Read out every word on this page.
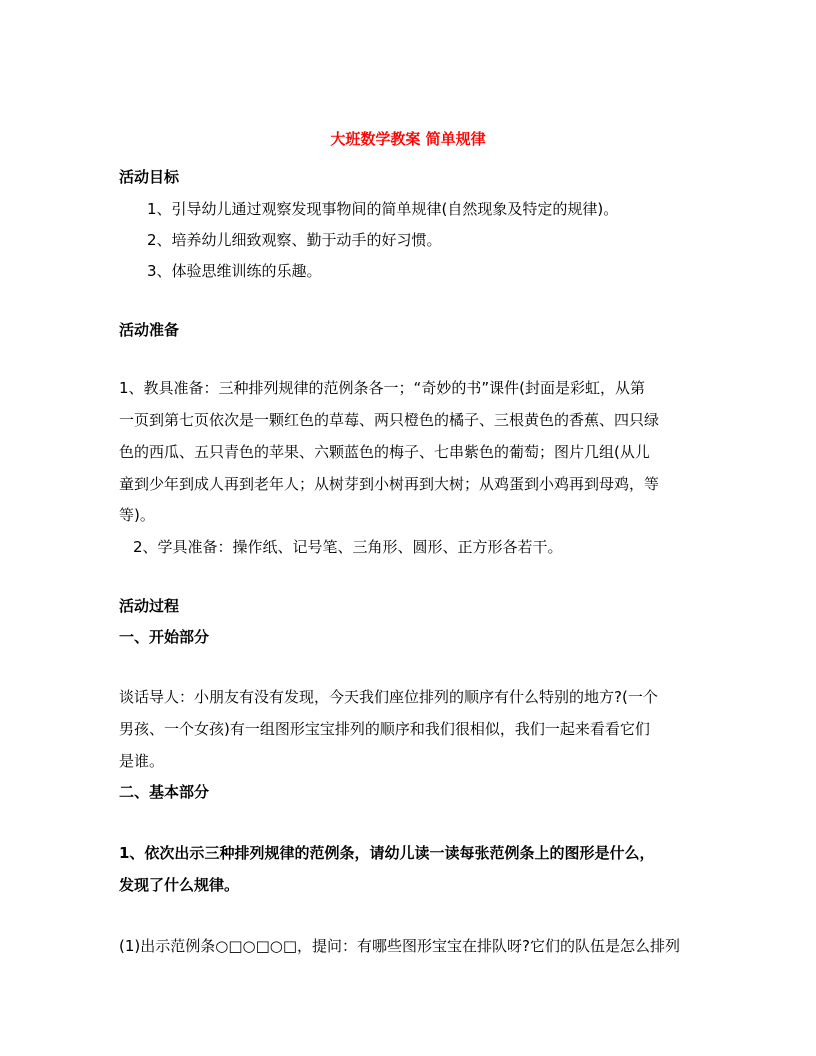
大班数学教案 简单规律
活动目标
1、引导幼儿通过观察发现事物间的简单规律(自然现象及特定的规律)。
2、培养幼儿细致观察、勤于动手的好习惯。
3、体验思维训练的乐趣。
活动准备
1、教具准备：三种排列规律的范例条各一；“奇妙的书”课件(封面是彩虹，从第
一页到第七页依次是一颗红色的草莓、两只橙色的橘子、三根黄色的香蕉、四只绿
色的西瓜、五只青色的苹果、六颗蓝色的梅子、七串紫色的葡萄；图片几组(从儿
童到少年到成人再到老年人；从树芽到小树再到大树；从鸡蛋到小鸡再到母鸡，等
等)。
2、学具准备：操作纸、记号笔、三角形、圆形、正方形各若干。
活动过程
一、开始部分
谈话导人：小朋友有没有发现，今天我们座位排列的顺序有什么特别的地方?(一个
男孩、一个女孩)有一组图形宝宝排列的顺序和我们很相似，我们一起来看看它们
是谁。
二、基本部分
1、依次出示三种排列规律的范例条，请幼儿读一读每张范例条上的图形是什么，
发现了什么规律。
(1)出示范例条○□○□○□，提问：有哪些图形宝宝在排队呀?它们的队伍是怎么排列
